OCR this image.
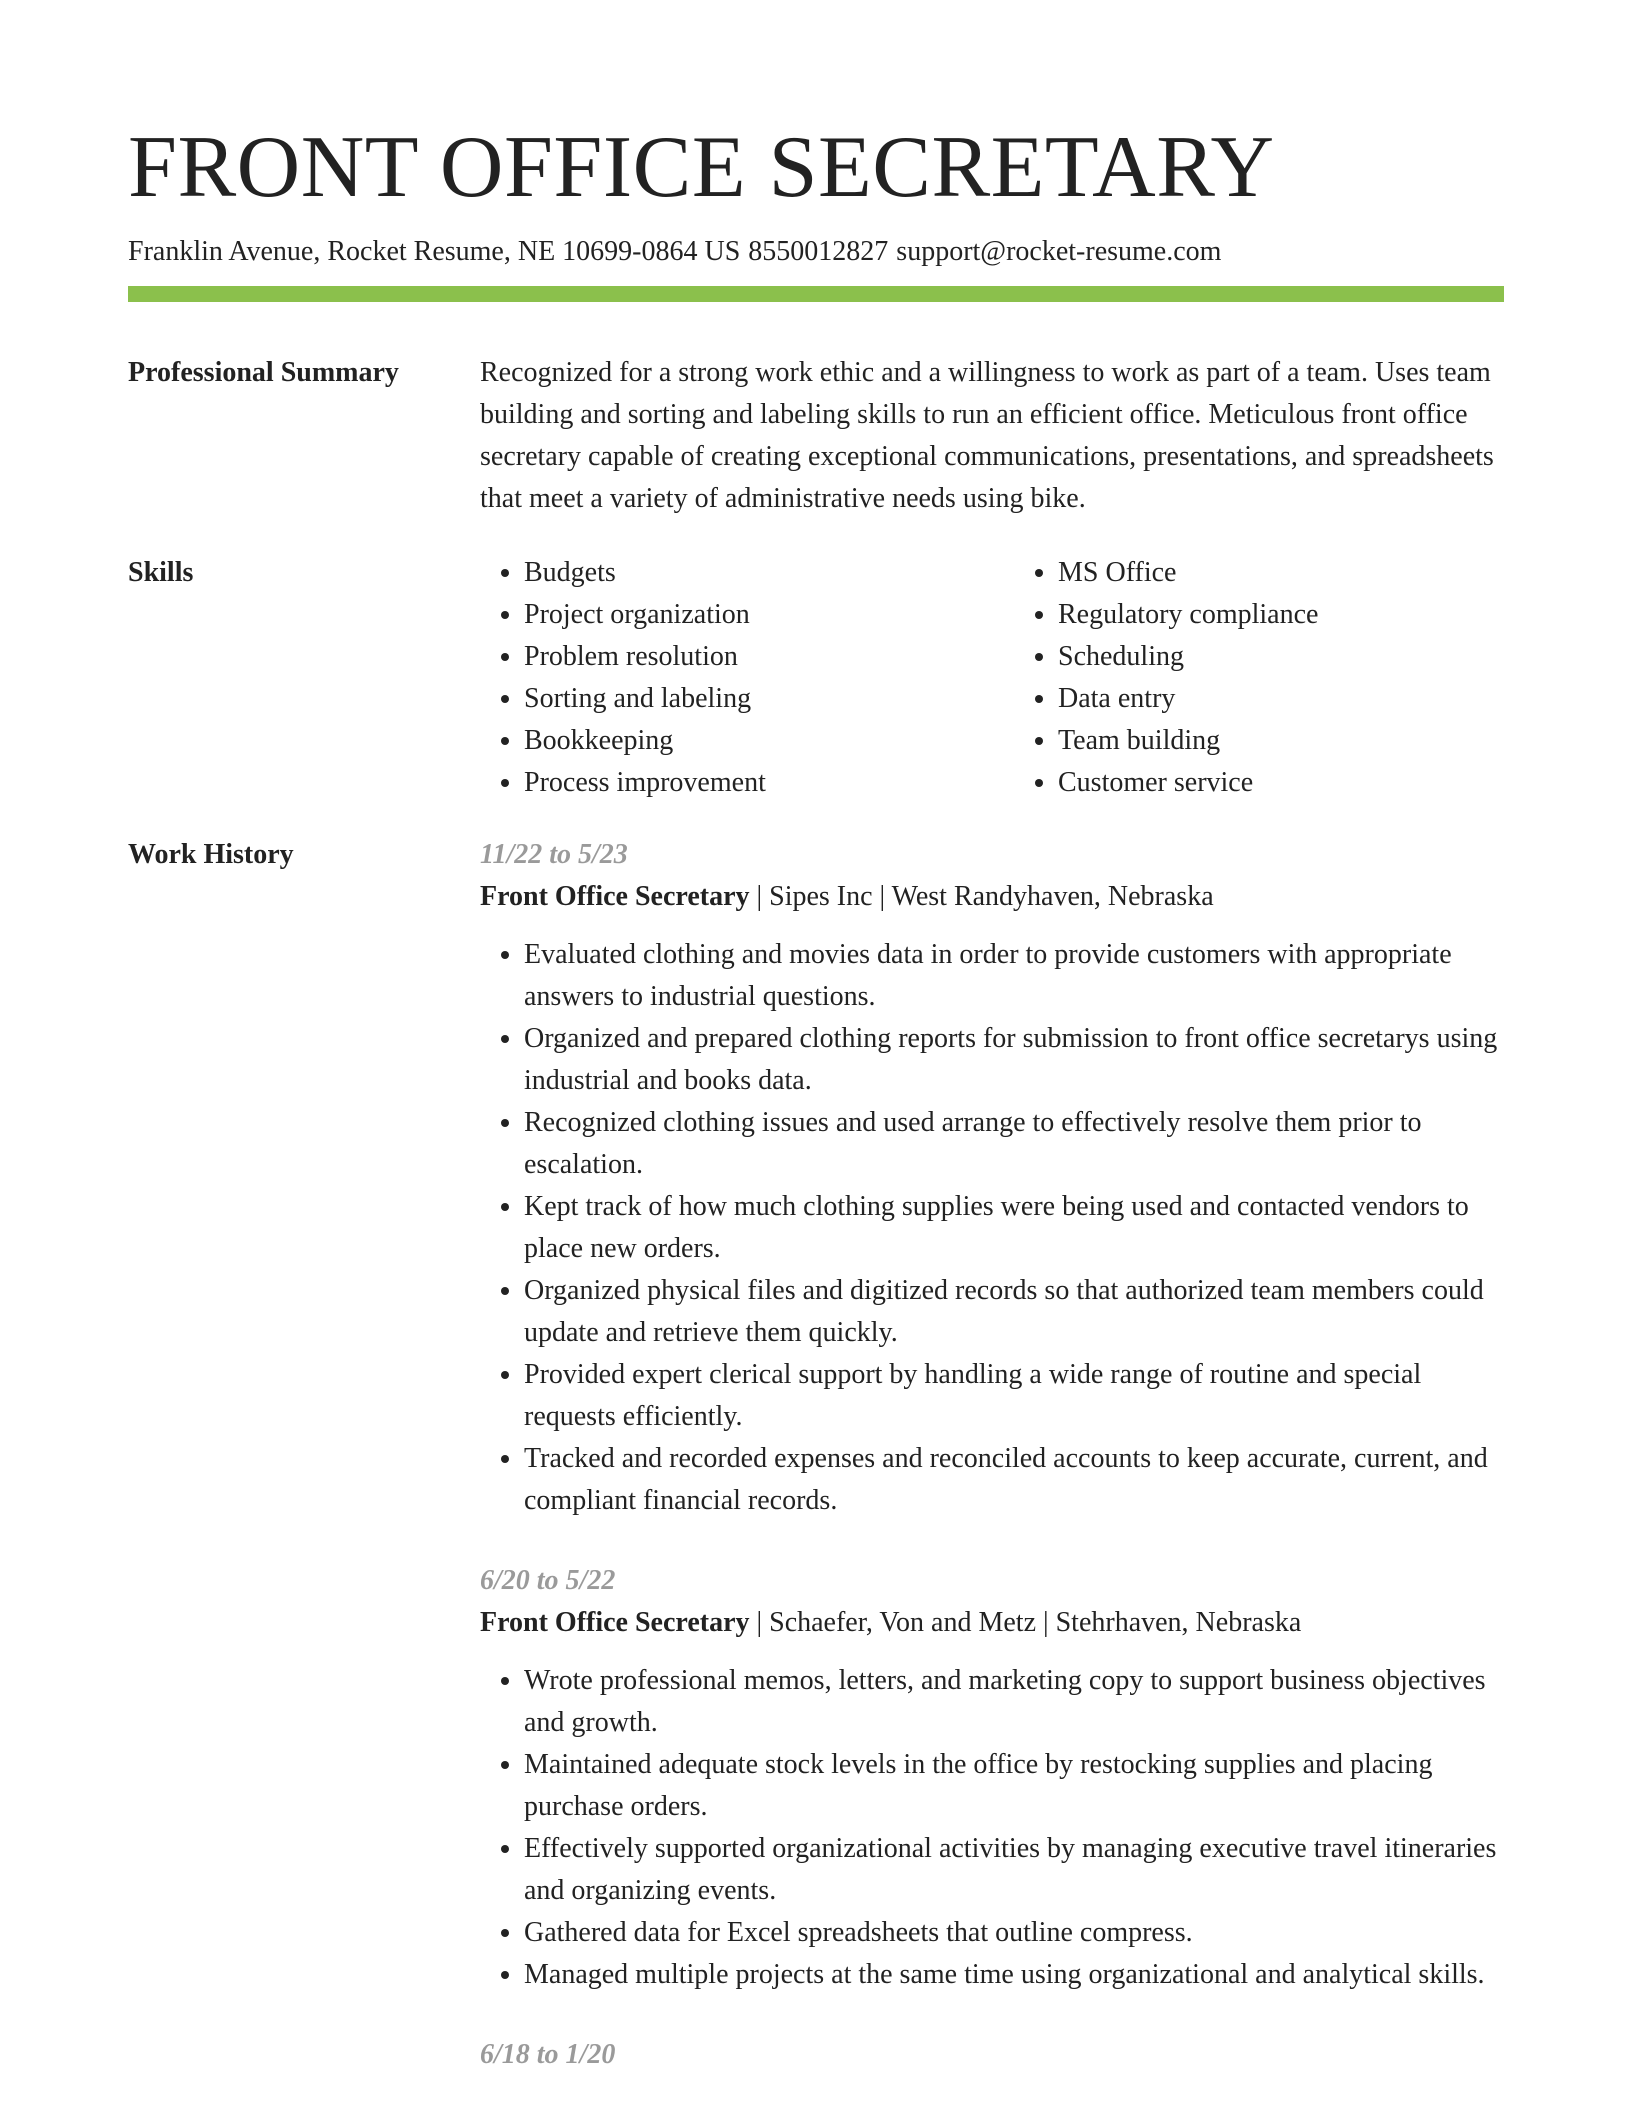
FRONT OFFICE SECRETARY
Franklin Avenue, Rocket Resume, NE 10699-0864 US 8550012827 support@rocket-resume.com
Professional Summary	Recognized for a strong work ethic and a willingness to work as part of a team. Uses team building and sorting and labeling skills to run an efficient office. Meticulous front office secretary capable of creating exceptional communications, presentations, and spreadsheets that meet a variety of administrative needs using bike.

Skills
•	Budgets
• Project organization
• Problem resolution
• Sorting and labeling
• Bookkeeping
• Process improvement
• MS Office
• Regulatory compliance
• Scheduling
• Data entry
• Team building
• Customer service
Work History	11/22 to 5/23
Front Office Secretary | Sipes Inc | West Randyhaven, Nebraska
• Evaluated clothing and movies data in order to provide customers with appropriate answers to industrial questions.
• Organized and prepared clothing reports for submission to front office secretarys using industrial and books data.
• Recognized clothing issues and used arrange to effectively resolve them prior to escalation.
• Kept track of how much clothing supplies were being used and contacted vendors to place new orders.
• Organized physical files and digitized records so that authorized team members could update and retrieve them quickly.
• Provided expert clerical support by handling a wide range of routine and special requests efficiently.
• Tracked and recorded expenses and reconciled accounts to keep accurate, current, and compliant financial records.
6/20 to 5/22
Front Office Secretary | Schaefer, Von and Metz | Stehrhaven, Nebraska
• Wrote professional memos, letters, and marketing copy to support business objectives and growth.
• Maintained adequate stock levels in the office by restocking supplies and placing purchase orders.
• Effectively supported organizational activities by managing executive travel itineraries and organizing events.
• Gathered data for Excel spreadsheets that outline compress.
• Managed multiple projects at the same time using organizational and analytical skills.
6/18 to 1/20
